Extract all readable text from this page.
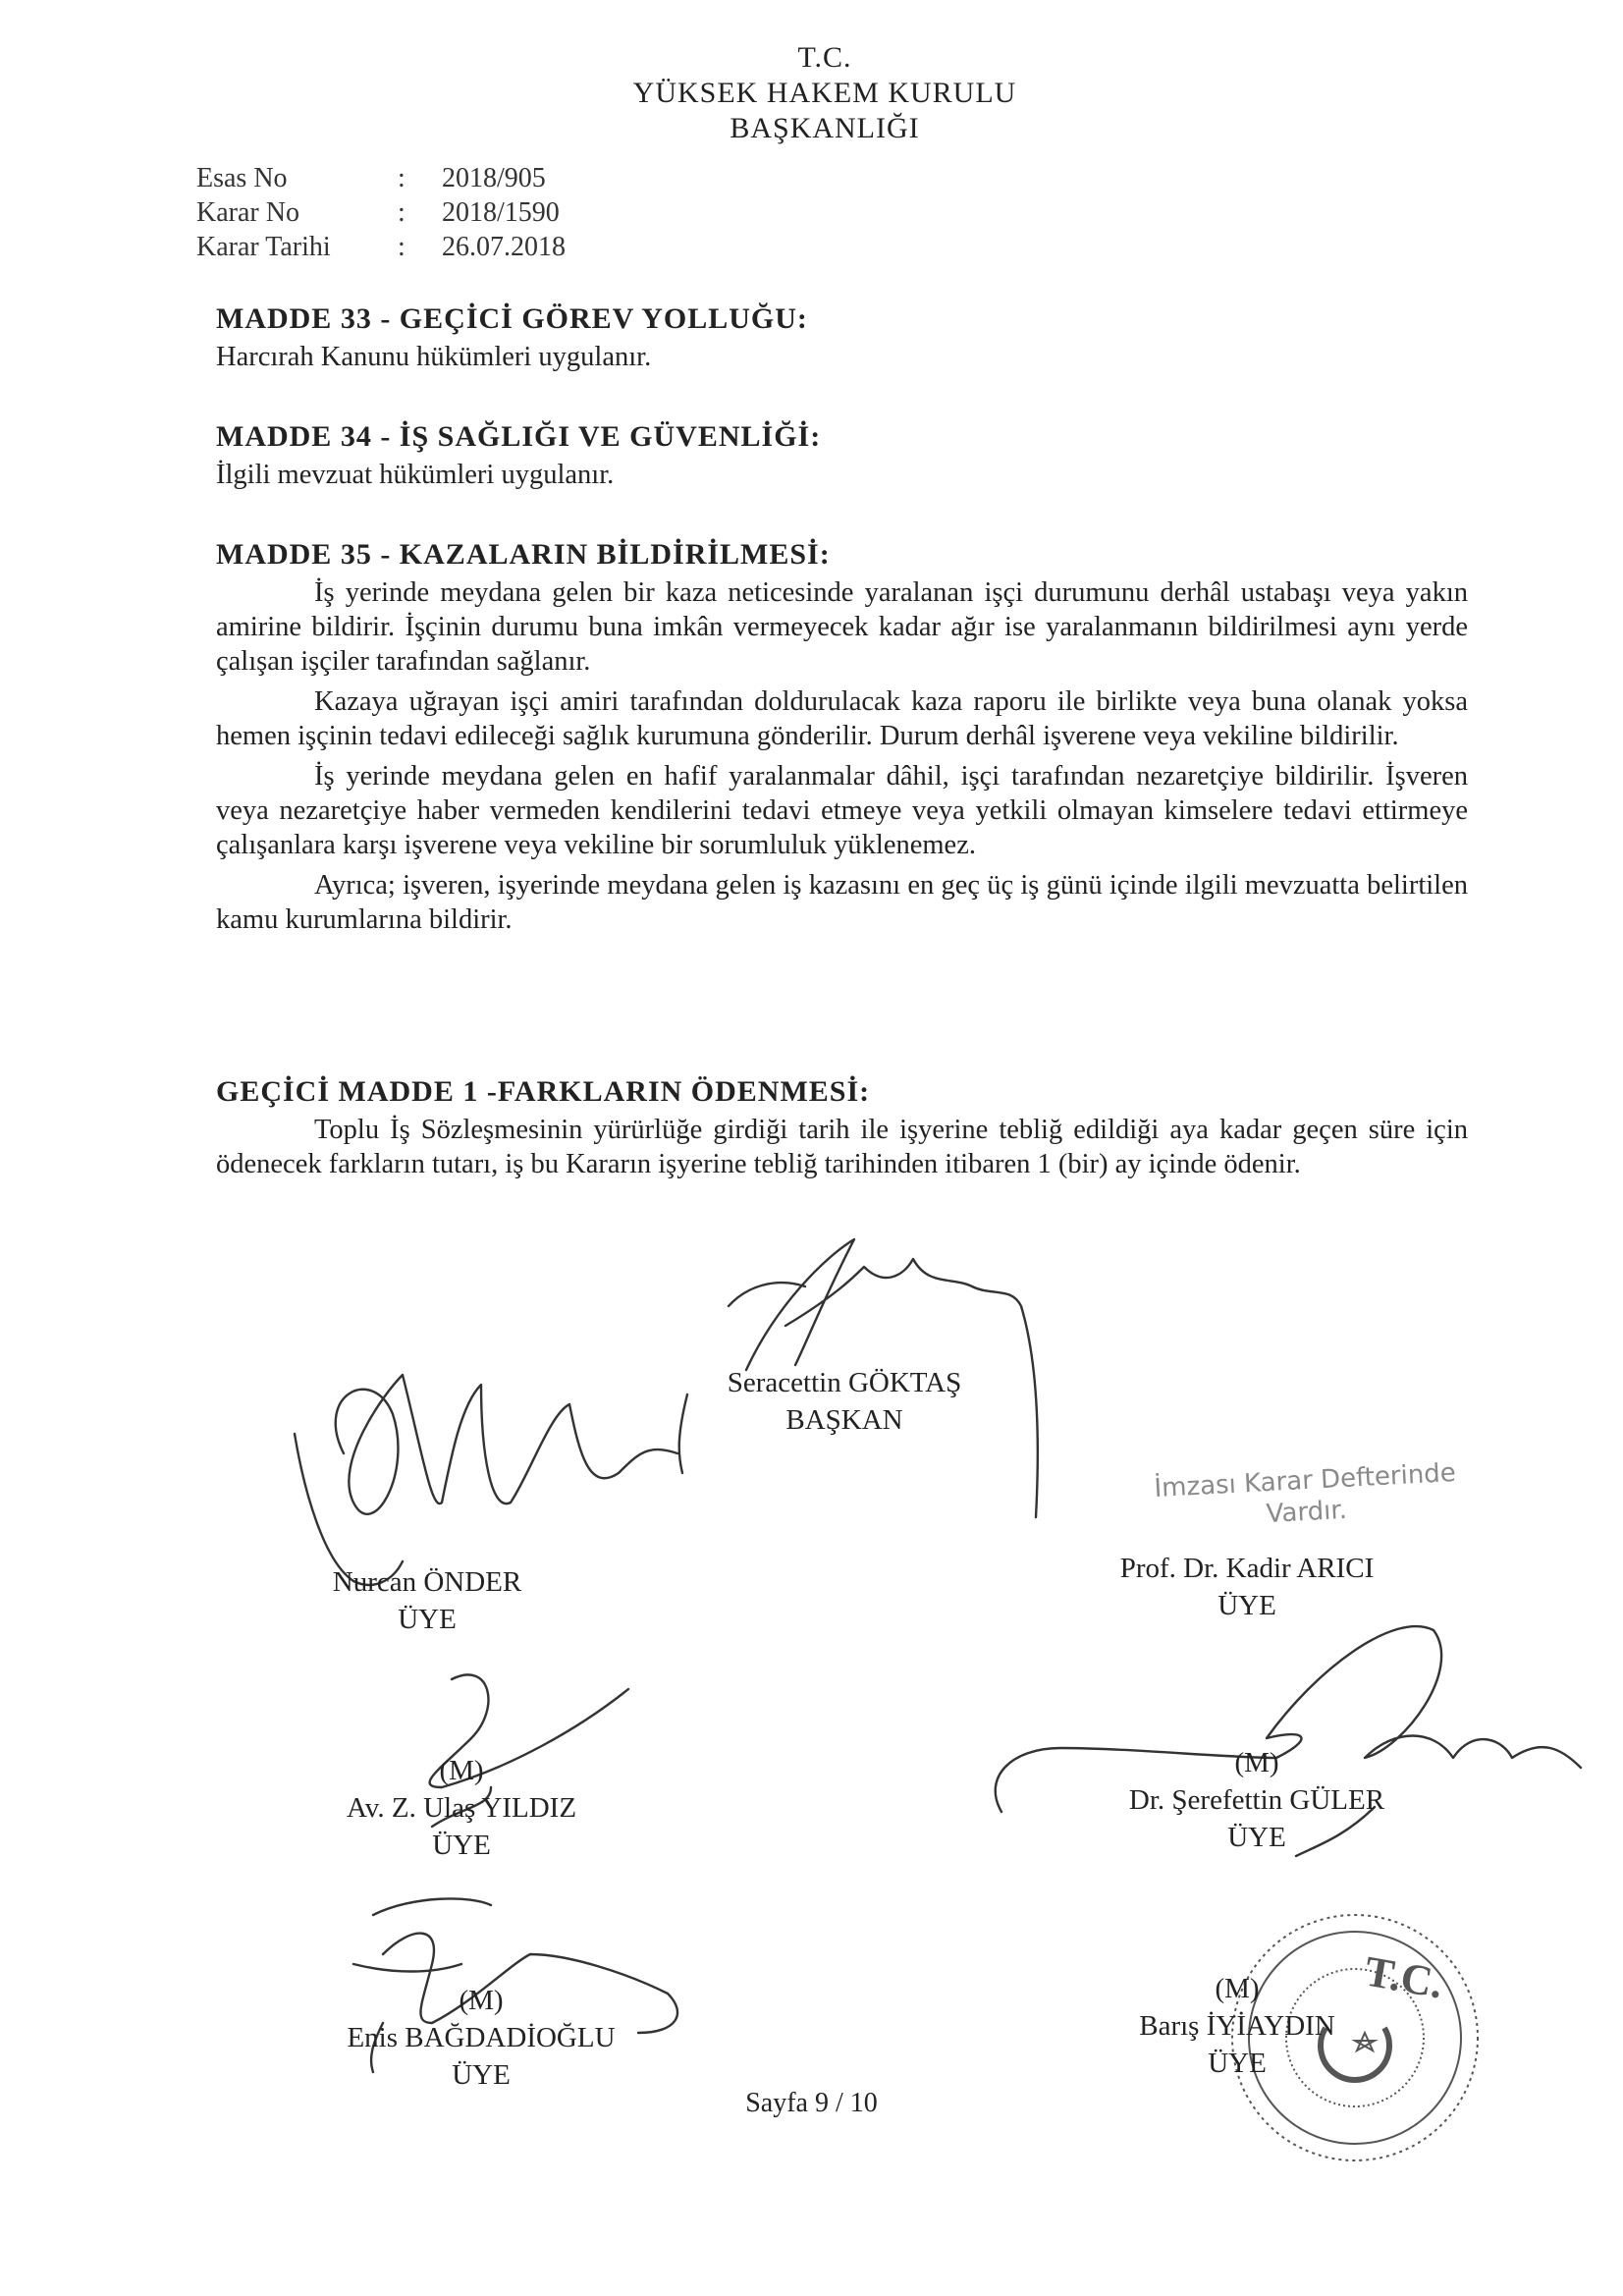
T.C.
YÜKSEK HAKEM KURULU
BAŞKANLIĞI
Esas No	: 2018/905
Karar No	: 2018/1590
Karar Tarihi : 26.07.2018
MADDE 33 - GEÇİCİ GÖREV YOLLUĞU:

Harcırah Kanunu hükümleri uygulanır.

MADDE 34 - İŞ SAĞLIĞI VE GÜVENLİĞİ:

İlgili mevzuat hükümleri uygulanır.

MADDE 35 - KAZALARIN BİLDİRİLMESİ:

İş yerinde meydana gelen bir kaza neticesinde yaralanan işçi durumunu derhâl ustabaşı veya yakın amirine bildirir. İşçinin durumu buna imkân vermeyecek kadar ağır ise yaralanmanın bildirilmesi aynı yerde çalışan işçiler tarafından sağlanır.

Kazaya uğrayan işçi amiri tarafından doldurulacak kaza raporu ile birlikte veya buna olanak yoksa hemen işçinin tedavi edileceği sağlık kurumuna gönderilir. Durum derhâl işverene veya vekiline bildirilir.

İş yerinde meydana gelen en hafif yaralanmalar dâhil, işçi tarafından nezaretçiye bildirilir. İşveren veya nezaretçiye haber vermeden kendilerini tedavi etmeye veya yetkili olmayan kimselere tedavi ettirmeye çalışanlara karşı işverene veya vekiline bir sorumluluk yüklenemez.

Ayrıca; işveren, işyerinde meydana gelen iş kazasını en geç üç iş günü içinde ilgili mevzuatta belirtilen kamu kurumlarına bildirir.

GEÇİCİ MADDE 1 -FARKLARIN ÖDENMESİ:

Toplu İş Sözleşmesinin yürürlüğe girdiği tarih ile işyerine tebliğ edildiği aya kadar geçen süre için ödenecek farkların tutarı, iş bu Kararın işyerine tebliğ tarihinden itibaren 1 (bir) ay içinde ödenir.

T.C.
Seracettin GÖKTAŞ
BAŞKAN
İmzası Karar Defterinde Vardır.
Prof. Dr. Kadir ARICI
ÜYE
Nurcan ÖNDER
ÜYE
(M)
Av. Z. Ulaş YILDIZ
ÜYE
(M)
Dr. Şerefettin GÜLER
ÜYE
(M)
Enis BAĞDADİOĞLU
ÜYE
(M)
Barış İYİAYDIN
ÜYE
Sayfa 9 / 10
